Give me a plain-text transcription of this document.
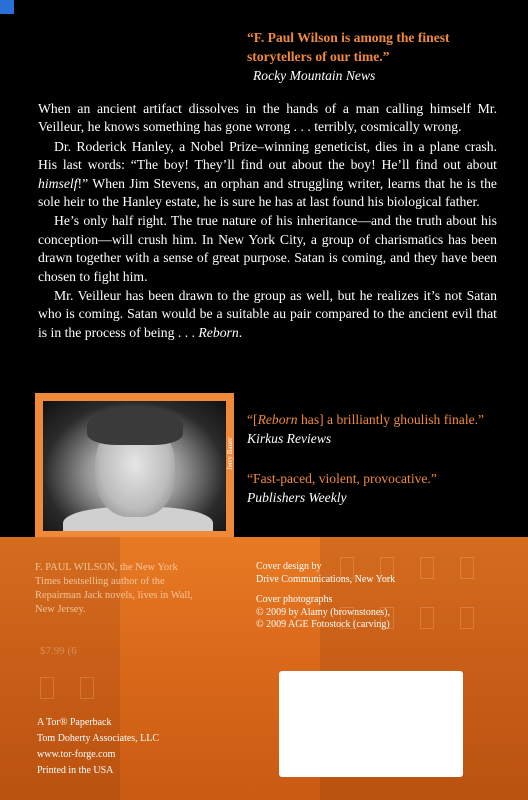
“F. Paul Wilson is among the finest storytellers of our time.”
Rocky Mountain News

When an ancient artifact dissolves in the hands of a man calling himself Mr. Veilleur, he knows something has gone wrong . . . terribly, cosmically wrong.

Dr. Roderick Hanley, a Nobel Prize–winning geneticist, dies in a plane crash. His last words: “The boy! They’ll find out about the boy! He’ll find out about himself!” When Jim Stevens, an orphan and struggling writer, learns that he is the sole heir to the Hanley estate, he is sure he has at last found his biological father.

He’s only half right. The true nature of his inheritance—and the truth about his conception—will crush him. In New York City, a group of charismatics has been drawn together with a sense of great purpose. Satan is coming, and they have been chosen to fight him.

Mr. Veilleur has been drawn to the group as well, but he realizes it’s not Satan who is coming. Satan would be a suitable au pair compared to the ancient evil that is in the process of being . . . Reborn.

Jerry Bauer
“[Reborn has] a brilliantly ghoulish finale.” Kirkus Reviews
“Fast-paced, violent, provocative.”
Publishers Weekly
F. PAUL WILSON, the New York Times bestselling author of the Repairman Jack novels, lives in Wall, New Jersey.
Cover design by
Drive Communications, New York
Cover photographs
© 2009 by Alamy (brownstones),
© 2009 AGE Fotostock (carving)
$7.99 (6
A Tor® Paperback
Tom Doherty Associates, LLC
www.tor-forge.com
Printed in the USA
